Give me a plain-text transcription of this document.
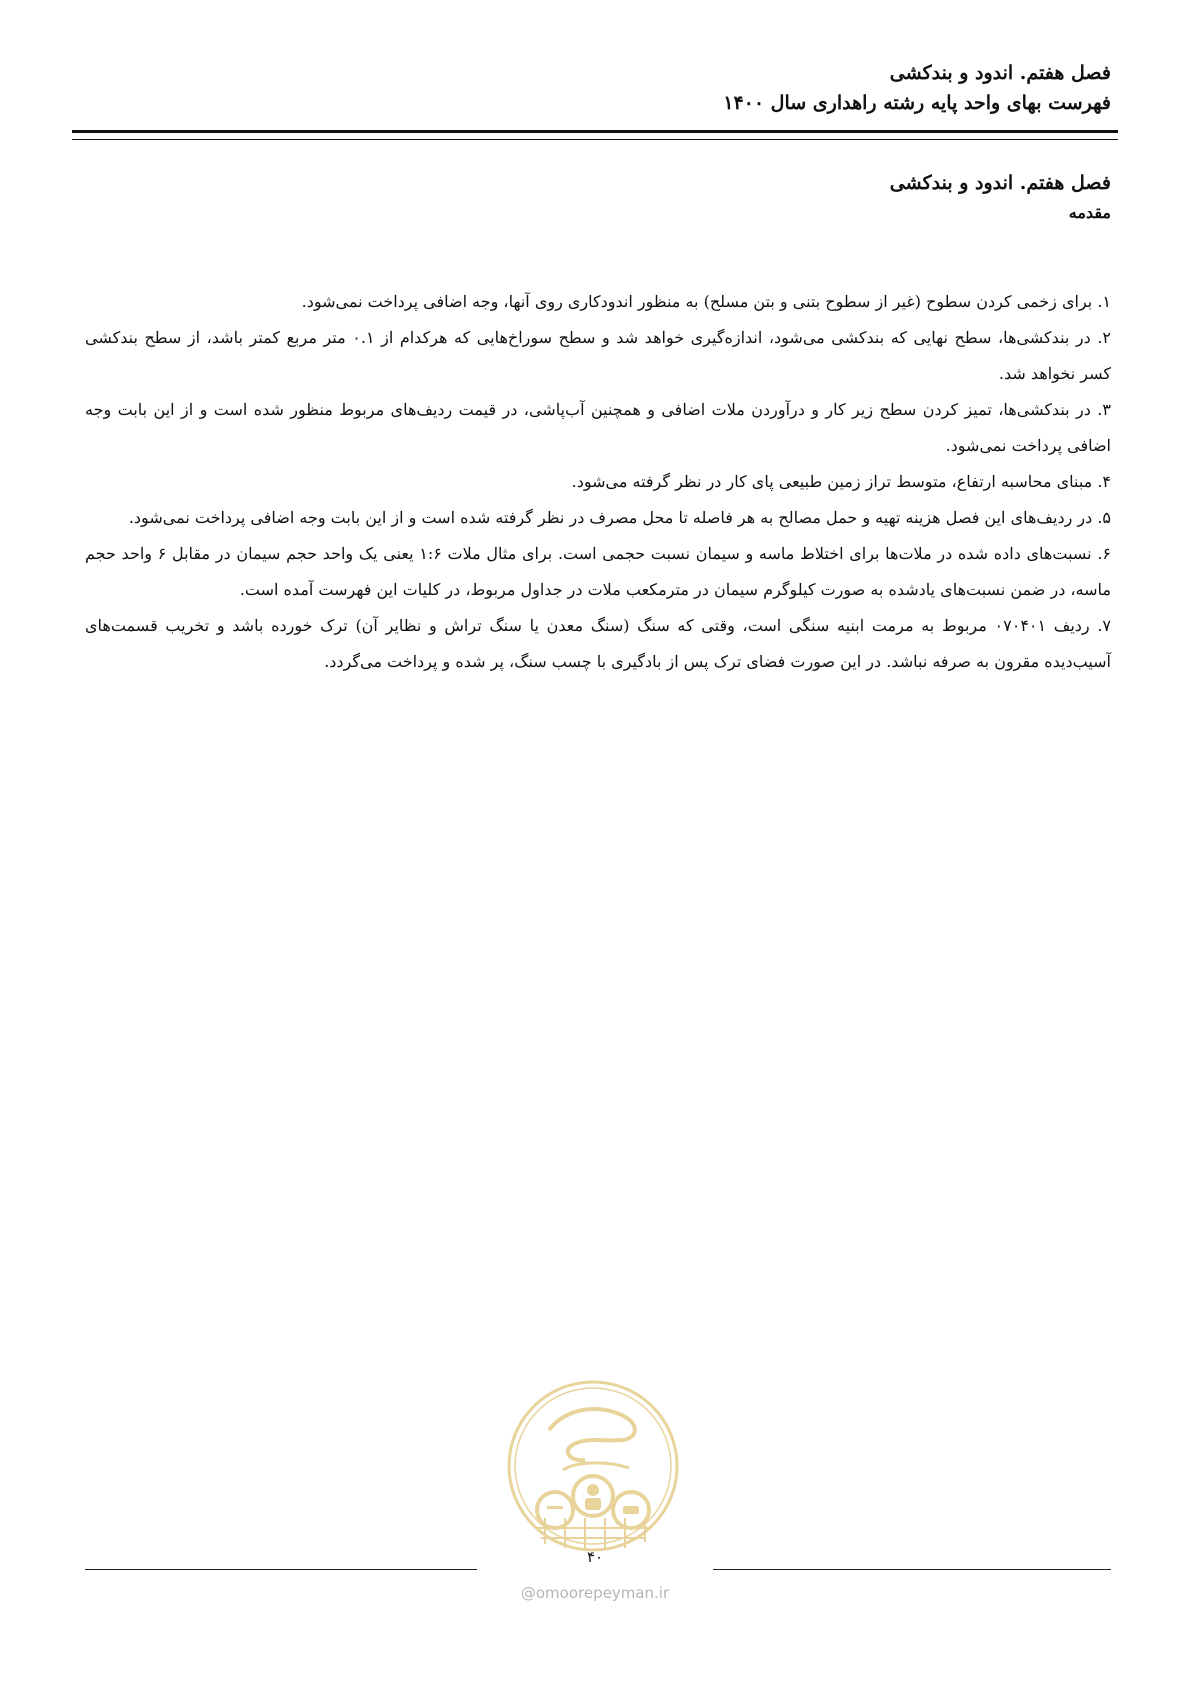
فصل هفتم. اندود و بندکشی
فهرست بهای واحد پایه رشته راهداری سال ۱۴۰۰
فصل هفتم. اندود و بندکشی
مقدمه
۱. برای زخمی کردن سطوح (غیر از سطوح بتنی و بتن مسلح) به منظور اندودکاری روی آنها، وجه اضافی پرداخت نمی‌شود.
۲. در بندکشی‌ها، سطح نهایی که بندکشی می‌شود، اندازه‌گیری خواهد شد و سطح سوراخ‌هایی که هرکدام از ۰.۱ متر مربع کمتر باشد، از سطح بندکشی کسر نخواهد شد.
۳. در بندکشی‌ها، تمیز کردن سطح زیر کار و درآوردن ملات اضافی و همچنین آب‌پاشی، در قیمت ردیف‌های مربوط منظور شده است و از این بابت وجه اضافی پرداخت نمی‌شود.
۴. مبنای محاسبه ارتفاع، متوسط تراز زمین طبیعی پای کار در نظر گرفته می‌شود.
۵. در ردیف‌های این فصل هزینه تهیه و حمل مصالح به هر فاصله تا محل مصرف در نظر گرفته شده است و از این بابت وجه اضافی پرداخت نمی‌شود.
۶. نسبت‌های داده شده در ملات‌ها برای اختلاط ماسه و سیمان نسبت حجمی است. برای مثال ملات ۱:۶ یعنی یک واحد حجم سیمان در مقابل ۶ واحد حجم ماسه، در ضمن نسبت‌های یادشده به صورت کیلوگرم سیمان در مترمکعب ملات در جداول مربوط، در کلیات این فهرست آمده است.
۷. ردیف ۰۷۰۴۰۱ مربوط به مرمت ابنیه سنگی است، وقتی که سنگ (سنگ معدن یا سنگ تراش و نظایر آن) ترک خورده باشد و تخریب قسمت‌های آسیب‌دیده مقرون به صرفه نباشد. در این صورت فضای ترک پس از بادگیری با چسب سنگ، پر شده و پرداخت می‌گردد.
۴۰
@omoorepeyman.ir
